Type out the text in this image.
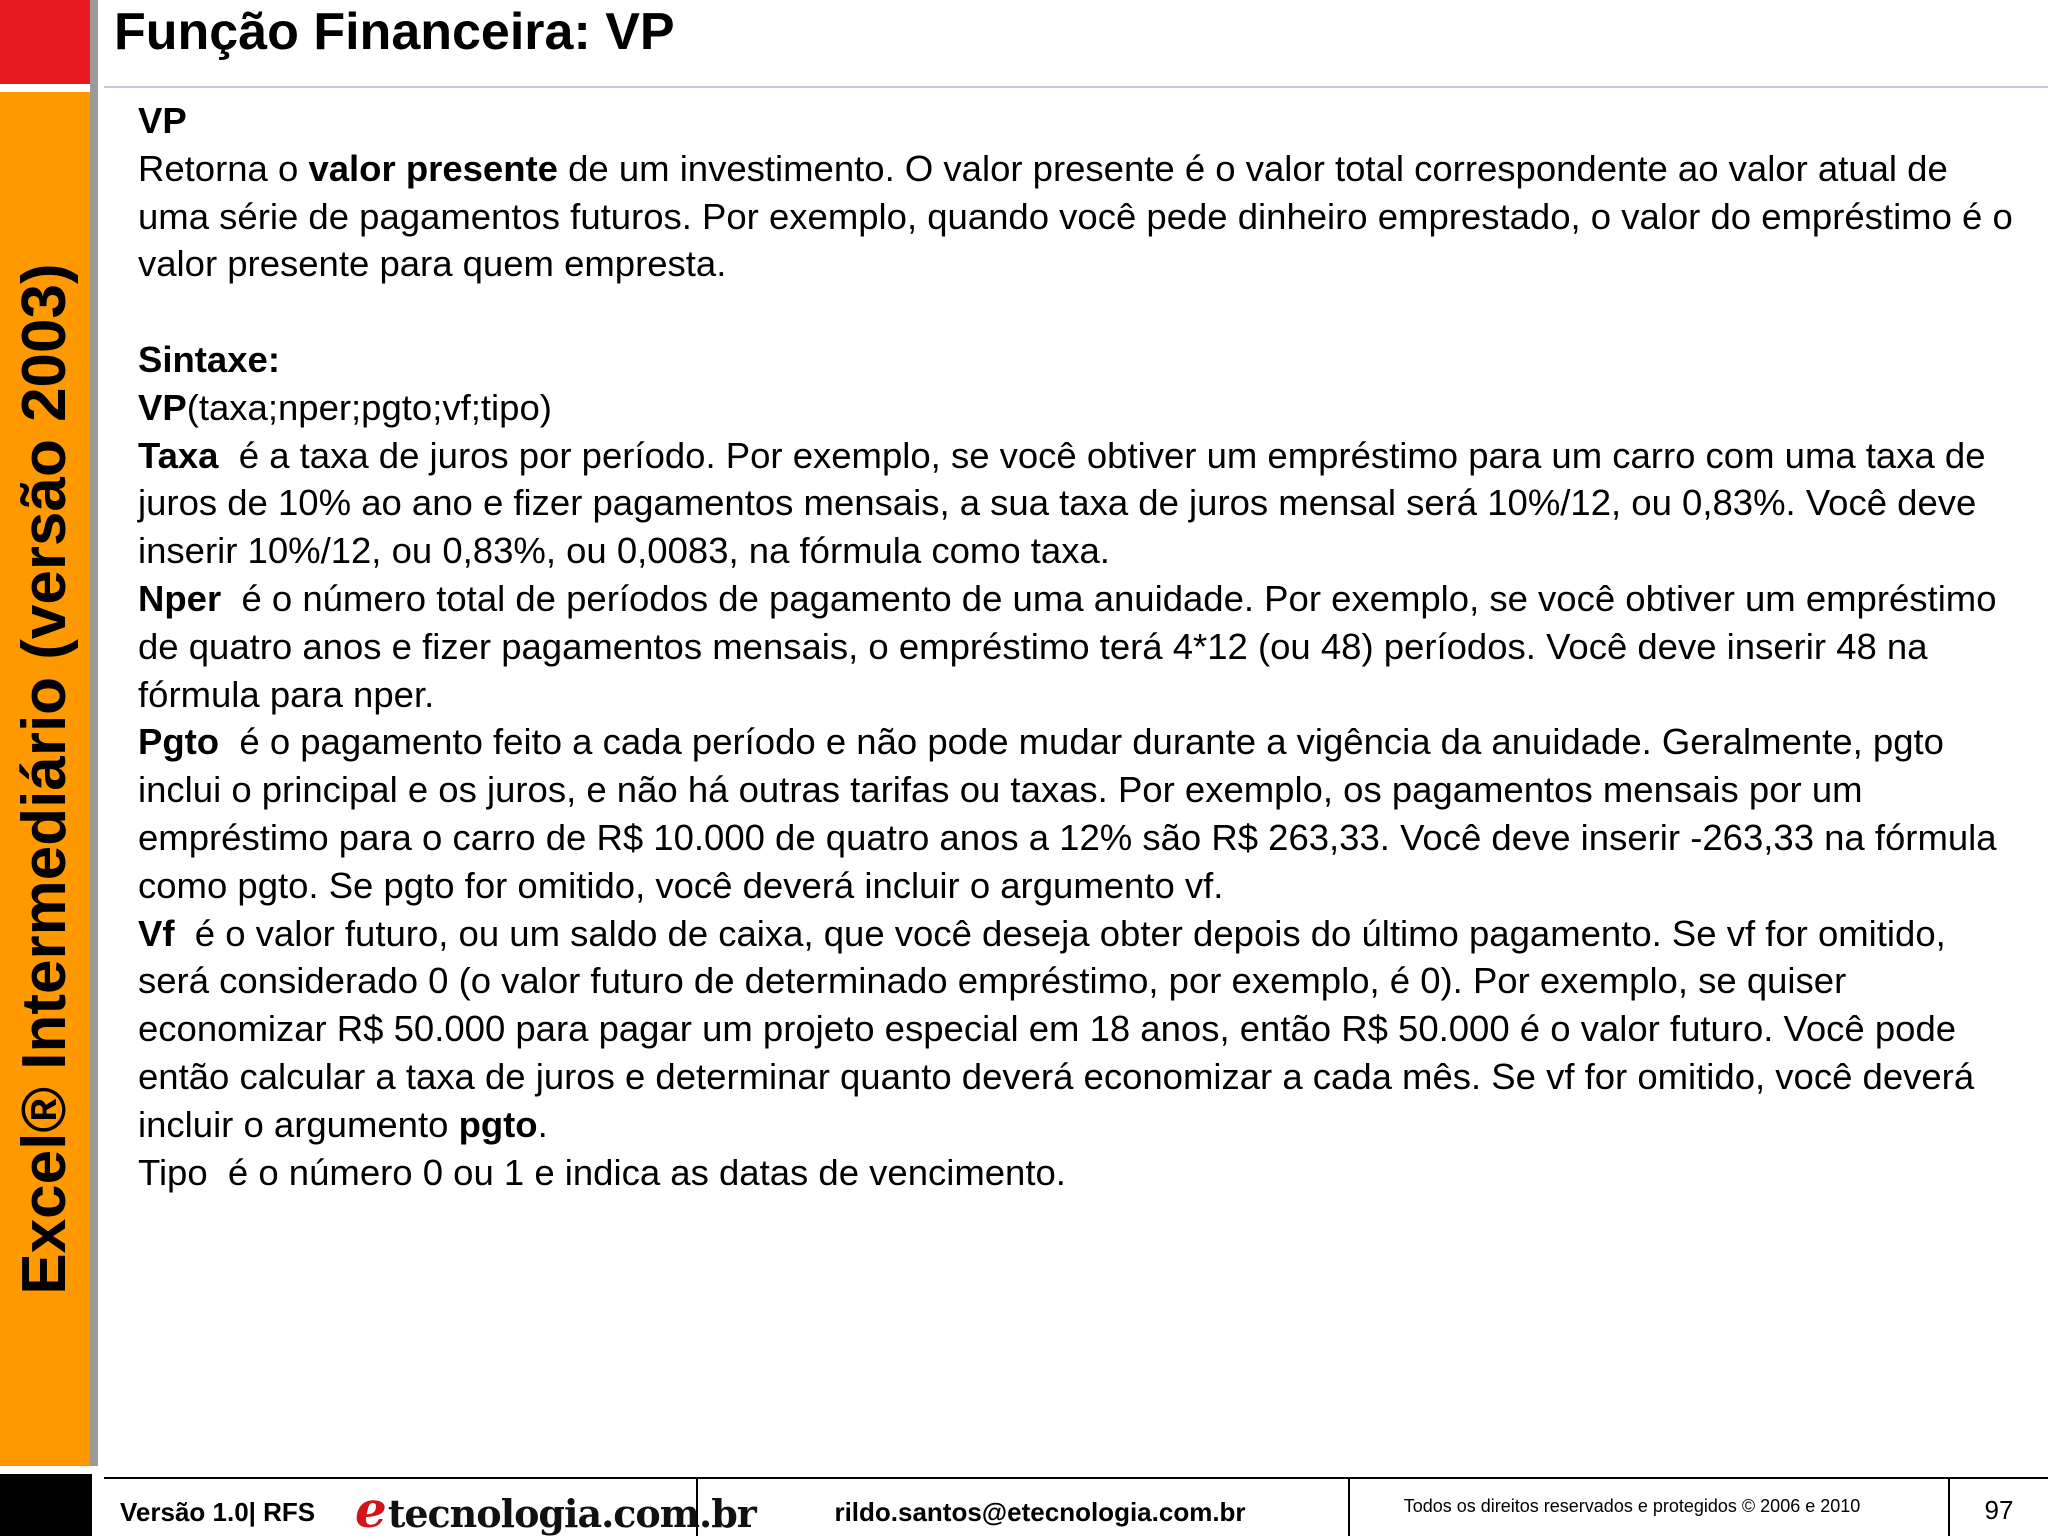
Excel® Intermediário (versão 2003)
Função Financeira: VP

VP

Retorna o valor presente de um investimento. O valor presente é o valor total correspondente ao valor atual de uma série de pagamentos futuros. Por exemplo, quando você pede dinheiro emprestado, o valor do empréstimo é o valor presente para quem empresta.

Sintaxe:

VP(taxa;nper;pgto;vf;tipo)

Taxa  é a taxa de juros por período. Por exemplo, se você obtiver um empréstimo para um carro com uma taxa de juros de 10% ao ano e fizer pagamentos mensais, a sua taxa de juros mensal será 10%/12, ou 0,83%. Você deve inserir 10%/12, ou 0,83%, ou 0,0083, na fórmula como taxa.

Nper  é o número total de períodos de pagamento de uma anuidade. Por exemplo, se você obtiver um empréstimo de quatro anos e fizer pagamentos mensais, o empréstimo terá 4*12 (ou 48) períodos. Você deve inserir 48 na fórmula para nper.

Pgto  é o pagamento feito a cada período e não pode mudar durante a vigência da anuidade. Geralmente, pgto inclui o principal e os juros, e não há outras tarifas ou taxas. Por exemplo, os pagamentos mensais por um empréstimo para o carro de R$ 10.000 de quatro anos a 12% são R$ 263,33. Você deve inserir -263,33 na fórmula como pgto. Se pgto for omitido, você deverá incluir o argumento vf.

Vf  é o valor futuro, ou um saldo de caixa, que você deseja obter depois do último pagamento. Se vf for omitido, será considerado 0 (o valor futuro de determinado empréstimo, por exemplo, é 0). Por exemplo, se quiser economizar R$ 50.000 para pagar um projeto especial em 18 anos, então R$ 50.000 é o valor futuro. Você pode então calcular a taxa de juros e determinar quanto deverá economizar a cada mês. Se vf for omitido, você deverá incluir o argumento pgto.

Tipo  é o número 0 ou 1 e indica as datas de vencimento.

Versão 1.0| RFS etecnologia.com.br	rildo.santos@etecnologia.com.br	Todos os direitos reservados e protegidos © 2006 e 2010	97
